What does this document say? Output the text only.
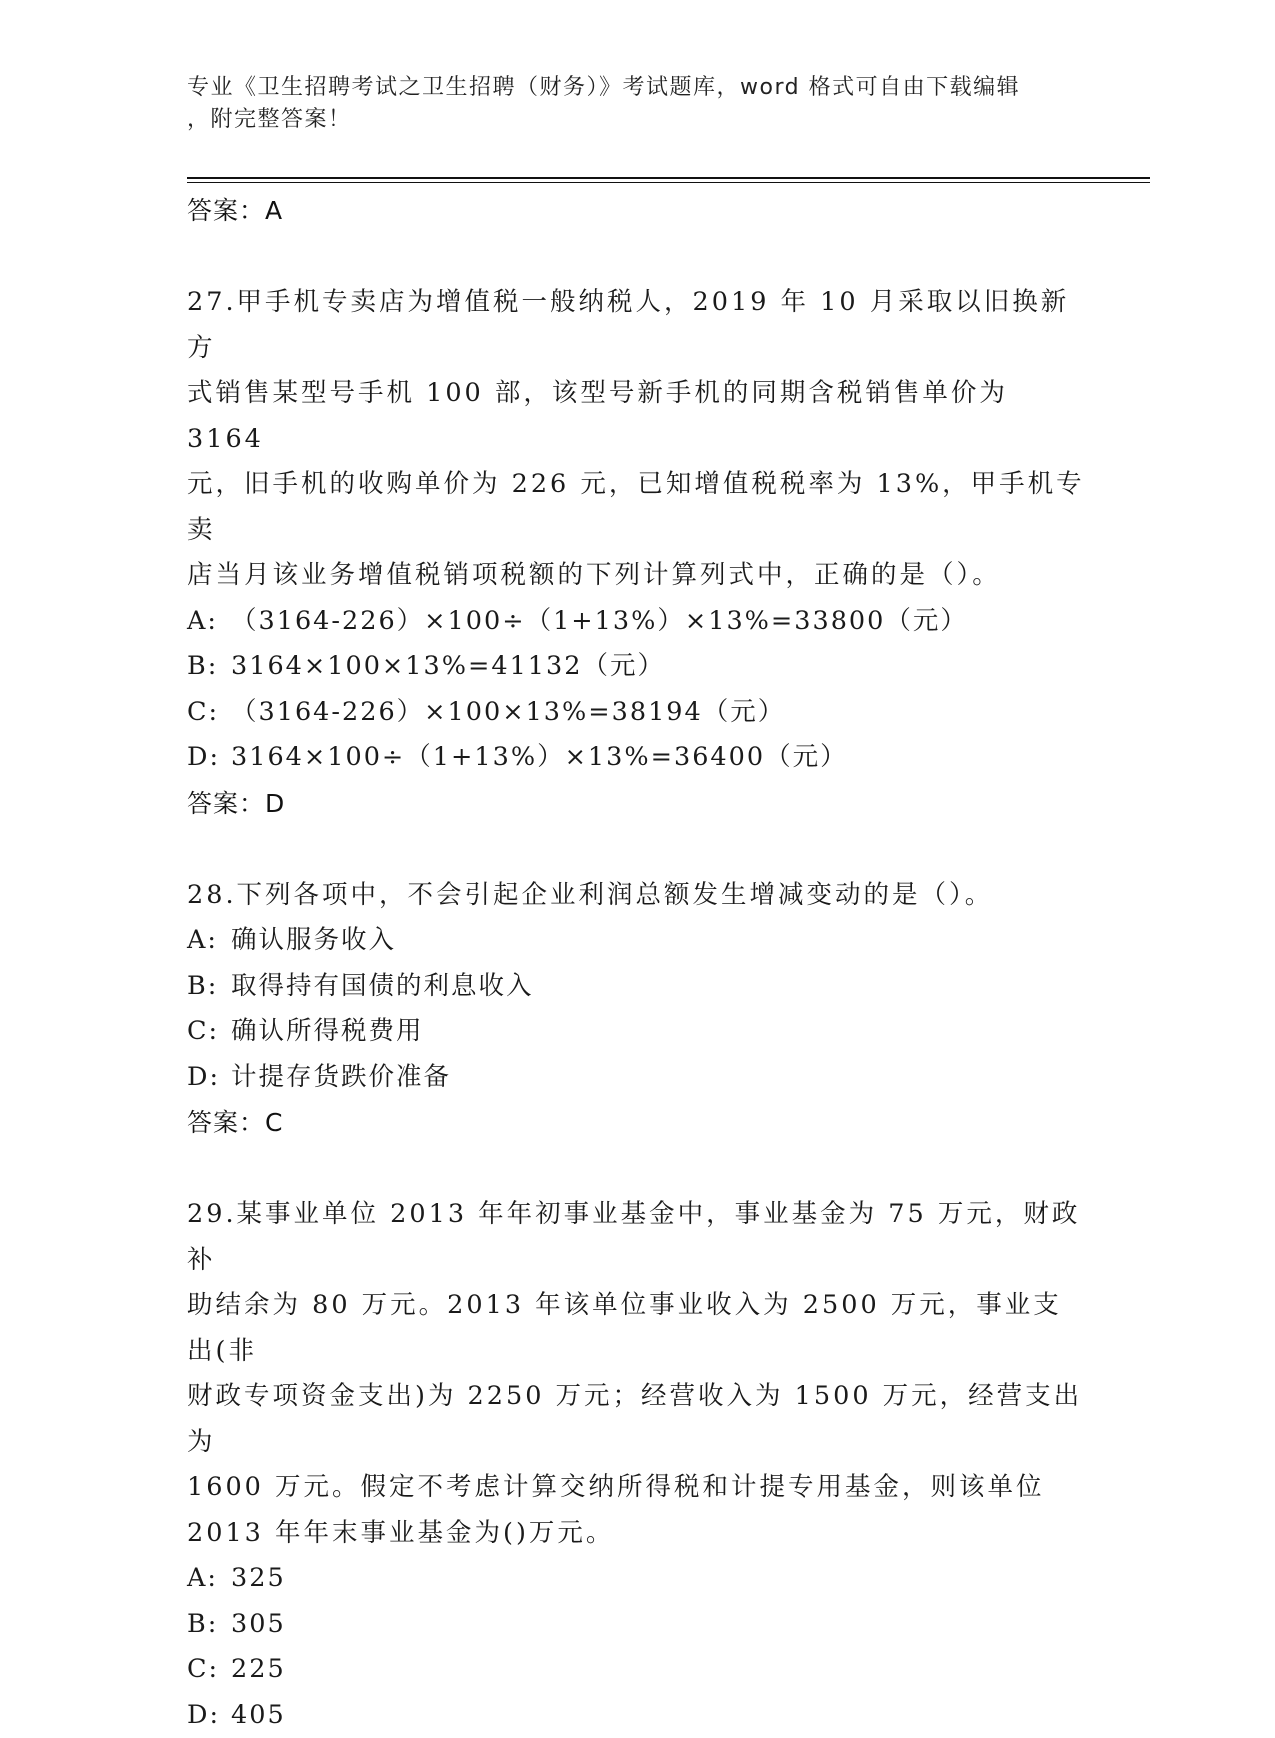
专业《卫生招聘考试之卫生招聘（财务）》考试题库，word 格式可自由下载编辑
，附完整答案！
答案：A
27.甲手机专卖店为增值税一般纳税人，2019 年 10 月采取以旧换新方
式销售某型号手机 100 部，该型号新手机的同期含税销售单价为 3164
元，旧手机的收购单价为 226 元，已知增值税税率为 13%，甲手机专卖
店当月该业务增值税销项税额的下列计算列式中，正确的是（）。
A: （3164-226）×100÷（1+13%）×13%=33800（元）
B: 3164×100×13%=41132（元）
C: （3164-226）×100×13%=38194（元）
D: 3164×100÷（1+13%）×13%=36400（元）
答案：D
28.下列各项中，不会引起企业利润总额发生增减变动的是（）。
A: 确认服务收入
B: 取得持有国债的利息收入
C: 确认所得税费用
D: 计提存货跌价准备
答案：C
29.某事业单位 2013 年年初事业基金中，事业基金为 75 万元，财政补
助结余为 80 万元。2013 年该单位事业收入为 2500 万元，事业支出(非
财政专项资金支出)为 2250 万元；经营收入为 1500 万元，经营支出为
1600 万元。假定不考虑计算交纳所得税和计提专用基金，则该单位
2013 年年末事业基金为()万元。
A: 325
B: 305
C: 225
D: 405
